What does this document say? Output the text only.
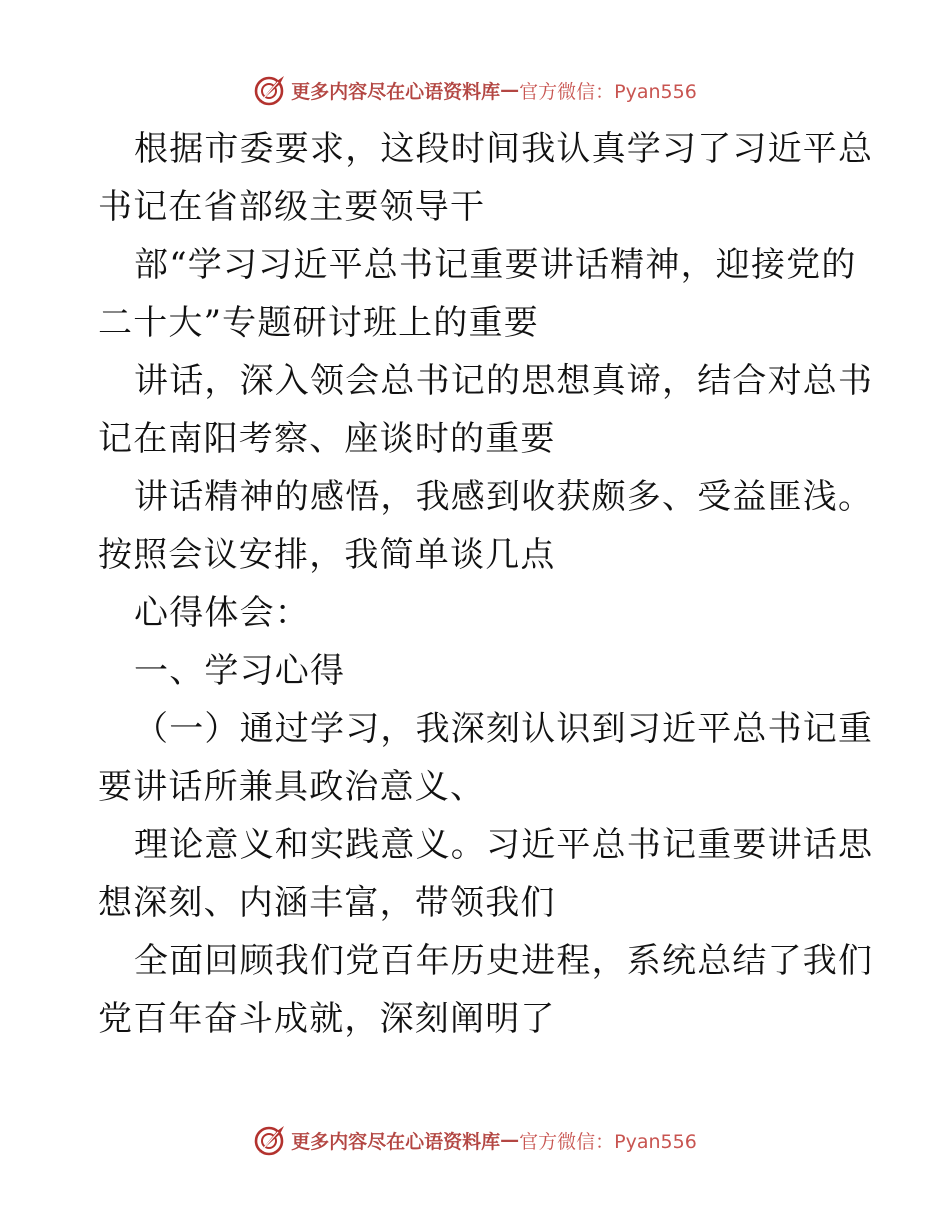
更多内容尽在心语资料库 — 官方微信：Pyan556
根据市委要求，这段时间我认真学习了习近平总
书记在省部级主要领导干
部“学习习近平总书记重要讲话精神，迎接党的
二十大”专题研讨班上的重要
讲话，深入领会总书记的思想真谛，结合对总书
记在南阳考察、座谈时的重要
讲话精神的感悟，我感到收获颇多、受益匪浅。
按照会议安排，我简单谈几点
心得体会：
一、学习心得
（一）通过学习，我深刻认识到习近平总书记重
要讲话所兼具政治意义、
理论意义和实践意义。习近平总书记重要讲话思
想深刻、内涵丰富，带领我们
全面回顾我们党百年历史进程，系统总结了我们
党百年奋斗成就，深刻阐明了
更多内容尽在心语资料库 — 官方微信：Pyan556
